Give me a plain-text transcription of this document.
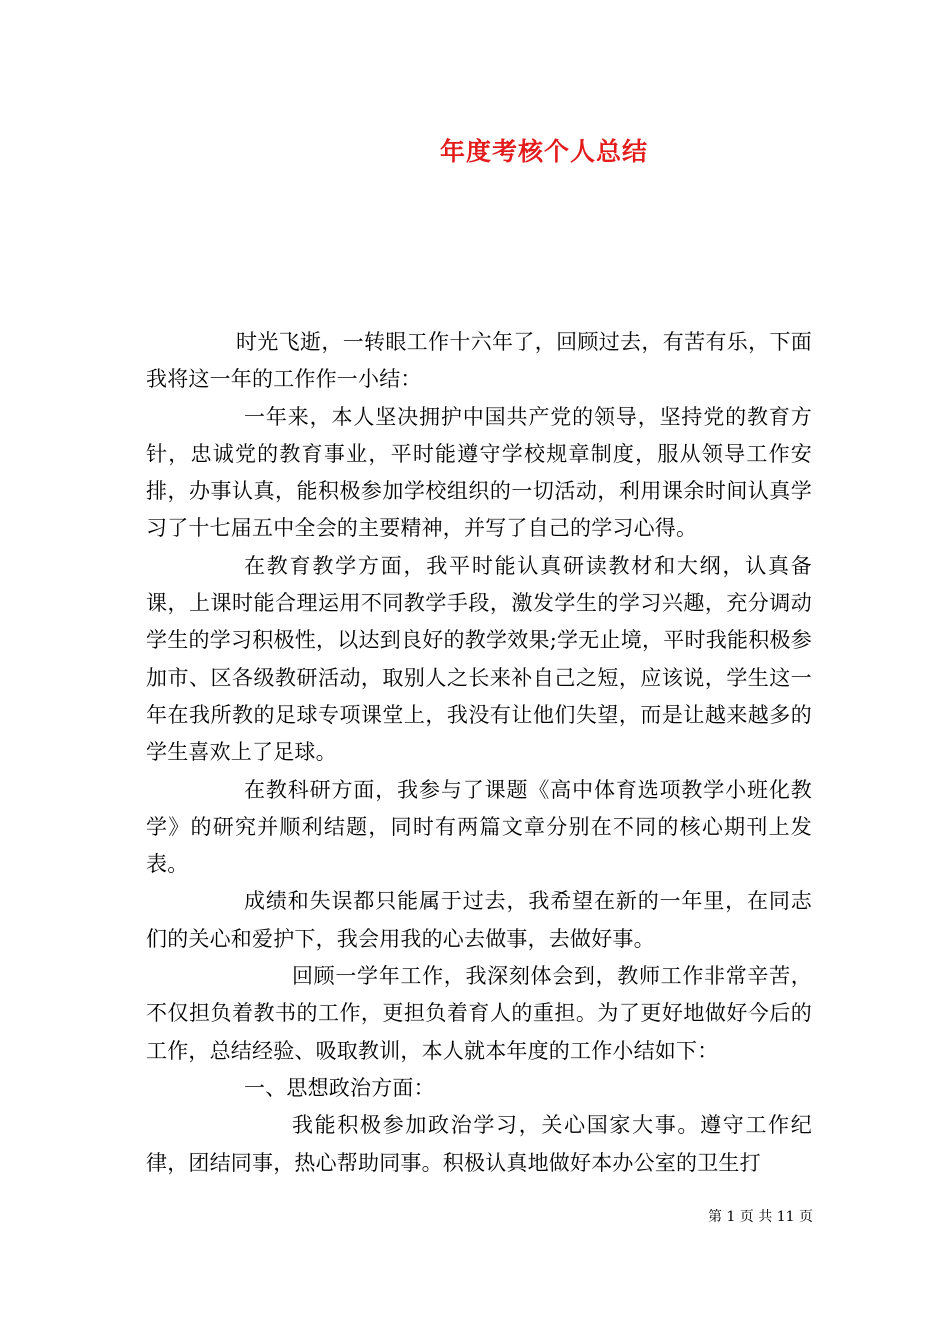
年度考核个人总结

时光飞逝，一转眼工作十六年了，回顾过去，有苦有乐，下面我将这一年的工作作一小结：

一年来，本人坚决拥护中国共产党的领导，坚持党的教育方针，忠诚党的教育事业，平时能遵守学校规章制度，服从领导工作安排，办事认真，能积极参加学校组织的一切活动，利用课余时间认真学习了十七届五中全会的主要精神，并写了自己的学习心得。

在教育教学方面，我平时能认真研读教材和大纲，认真备课，上课时能合理运用不同教学手段，激发学生的学习兴趣，充分调动学生的学习积极性，以达到良好的教学效果;学无止境，平时我能积极参加市、区各级教研活动，取别人之长来补自己之短，应该说，学生这一年在我所教的足球专项课堂上，我没有让他们失望，而是让越来越多的学生喜欢上了足球。

在教科研方面，我参与了课题《高中体育选项教学小班化教学》的研究并顺利结题，同时有两篇文章分别在不同的核心期刊上发表。

成绩和失误都只能属于过去，我希望在新的一年里，在同志们的关心和爱护下，我会用我的心去做事，去做好事。

回顾一学年工作，我深刻体会到，教师工作非常辛苦，不仅担负着教书的工作，更担负着育人的重担。为了更好地做好今后的工作，总结经验、吸取教训，本人就本年度的工作小结如下：

一、思想政治方面：

我能积极参加政治学习，关心国家大事。遵守工作纪律，团结同事，热心帮助同事。积极认真地做好本办公室的卫生打

第 1 页 共 11 页
